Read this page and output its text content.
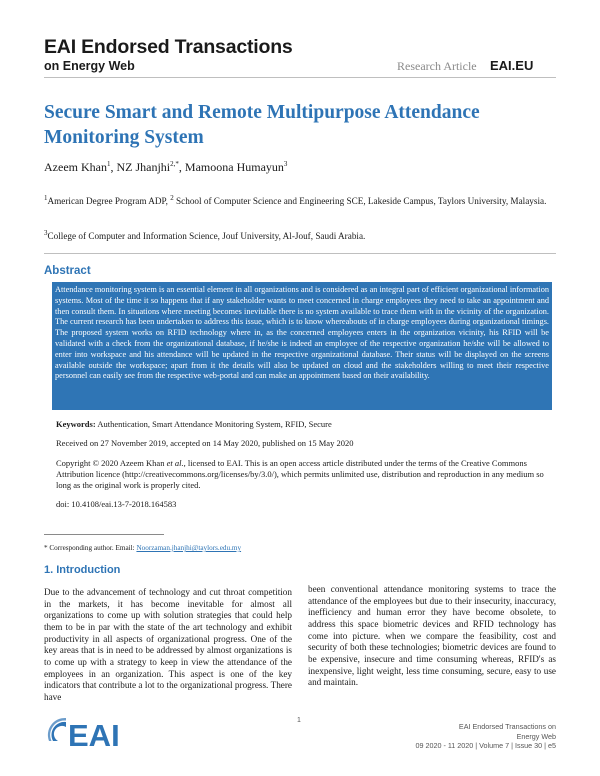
EAI Endorsed Transactions
on Energy Web	Research Article EAI.EU
Secure Smart and Remote Multipurpose Attendance Monitoring System
Azeem Khan$^1$, NZ Jhanjhi$^{2,*}$, Mamoona Humayun$^3$
$^1$American Degree Program ADP, $^2$ School of Computer Science and Engineering SCE, Lakeside Campus, Taylors University, Malaysia.
$^3$College of Computer and Information Science, Jouf University, Al-Jouf, Saudi Arabia.
Abstract
Attendance monitoring system is an essential element in all organizations and is considered as an integral part of efficient organizational information systems. Most of the time it so happens that if any stakeholder wants to meet concerned in charge employees they need to take an appointment and then consult them. In situations where meeting becomes inevitable there is no system available to trace them with in the vicinity of the organization. The current research has been undertaken to address this issue, which is to know whereabouts of in charge employees during organizational timings. The proposed system works on RFID technology where in, as the concerned employees enters in the organization vicinity, his RFID will be validated with a check from the organizational database, if he/she is indeed an employee of the respective organization he/she will be allowed to enter into workspace and his attendance will be updated in the respective organizational database. Their status will be displayed on the screens available outside the workspace; apart from it the details will also be updated on cloud and the stakeholders willing to meet their respective personnel can easily see from the respective web-portal and can make an appointment based on their availability.
Keywords: Authentication, Smart Attendance Monitoring System, RFID, Secure
Received on 27 November 2019, accepted on 14 May 2020, published on 15 May 2020
Copyright © 2020 Azeem Khan et al., licensed to EAI. This is an open access article distributed under the terms of the Creative Commons Attribution licence (http://creativecommons.org/licenses/by/3.0/), which permits unlimited use, distribution and reproduction in any medium so long as the original work is properly cited.
doi: 10.4108/eai.13-7-2018.164583
* Corresponding author. Email: Noorzaman.jhanjhi@taylors.edu.my
1. Introduction
Due to the advancement of technology and cut throat competition in the markets, it has become inevitable for almost all organizations to come up with solution strategies that could help them to be in par with the state of the art technology and exhibit productivity in all aspects of organizational progress. One of the key areas that is in need to be addressed by almost organizations is to come up with a strategy to keep in view the attendance of the employees in an organization. This aspect is one of the key indicators that contribute a lot to the organizational progress. There have
been conventional attendance monitoring systems to trace the attendance of the employees but due to their insecurity, inaccuracy, inefficiency and human error they have become obsolete, to address this space biometric devices and RFID technology has come into picture. when we compare the feasibility, cost and security of both these technologies; biometric devices are found to be expensive, insecure and time consuming whereas, RFID's as inexpensive, light weight, less time consuming, secure, easy to use and maintain.
1
EAI	EAI Endorsed Transactions on
Energy Web
09 2020 - 11 2020 | Volume 7 | Issue 30 | e5
